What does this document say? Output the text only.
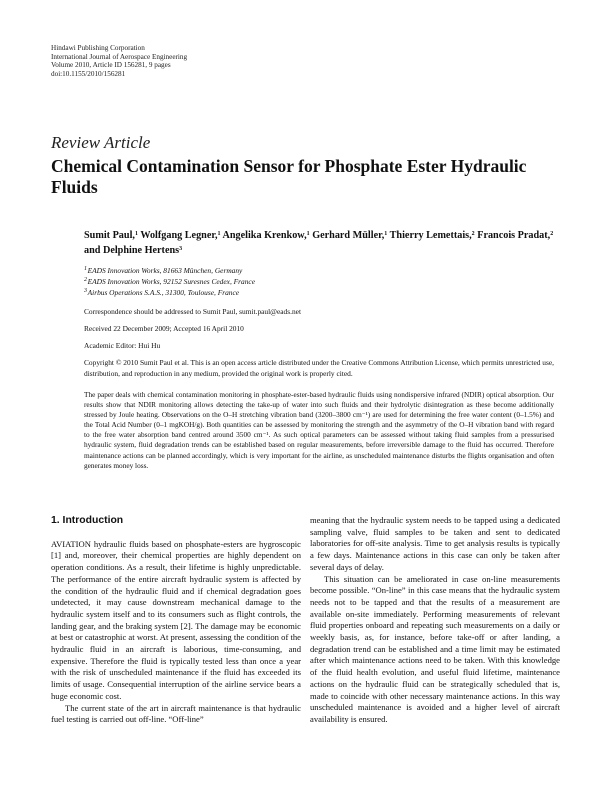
Hindawi Publishing Corporation
International Journal of Aerospace Engineering
Volume 2010, Article ID 156281, 9 pages
doi:10.1155/2010/156281
Review Article
Chemical Contamination Sensor for Phosphate Ester Hydraulic Fluids
Sumit Paul,$^1$ Wolfgang Legner,$^1$ Angelika Krenkow,$^1$ Gerhard Müller,$^1$ Thierry Lemettais,$^2$ Francois Pradat,$^2$ and Delphine Hertens$^3$
$^1$ EADS Innovation Works, 81663 München, Germany
$^2$ EADS Innovation Works, 92152 Suresnes Cedex, France
$^3$ Airbus Operations S.A.S., 31300, Toulouse, France
Correspondence should be addressed to Sumit Paul, sumit.paul@eads.net
Received 22 December 2009; Accepted 16 April 2010
Academic Editor: Hui Hu
Copyright © 2010 Sumit Paul et al. This is an open access article distributed under the Creative Commons Attribution License, which permits unrestricted use, distribution, and reproduction in any medium, provided the original work is properly cited.
The paper deals with chemical contamination monitoring in phosphate-ester-based hydraulic fluids using nondispersive infrared (NDIR) optical absorption. Our results show that NDIR monitoring allows detecting the take-up of water into such fluids and their hydrolytic disintegration as these become additionally stressed by Joule heating. Observations on the O–H stretching vibration band (3200–3800 cm⁻¹) are used for determining the free water content (0–1.5%) and the Total Acid Number (0–1 mgKOH/g). Both quantities can be assessed by monitoring the strength and the asymmetry of the O–H vibration band with regard to the free water absorption band centred around 3500 cm⁻¹. As such optical parameters can be assessed without taking fluid samples from a pressurised hydraulic system, fluid degradation trends can be established based on regular measurements, before irreversible damage to the fluid has occurred. Therefore maintenance actions can be planned accordingly, which is very important for the airline, as unscheduled maintenance disturbs the flights organisation and often generates money loss.
1. Introduction

AVIATION hydraulic fluids based on phosphate-esters are hygroscopic [1] and, moreover, their chemical properties are highly dependent on operation conditions. As a result, their lifetime is highly unpredictable. The performance of the entire aircraft hydraulic system is affected by the condition of the hydraulic fluid and if chemical degradation goes undetected, it may cause downstream mechanical damage to the hydraulic system itself and to its consumers such as flight controls, the landing gear, and the braking system [2]. The damage may be economic at best or catastrophic at worst. At present, assessing the condition of the hydraulic fluid in an aircraft is laborious, time-consuming, and expensive. Therefore the fluid is typically tested less than once a year with the risk of unscheduled maintenance if the fluid has exceeded its limits of usage. Consequential interruption of the airline service bears a huge economic cost.

The current state of the art in aircraft maintenance is that hydraulic fuel testing is carried out off-line. “Off-line”

meaning that the hydraulic system needs to be tapped using a dedicated sampling valve, fluid samples to be taken and sent to dedicated laboratories for off-site analysis. Time to get analysis results is typically a few days. Maintenance actions in this case can only be taken after several days of delay.

This situation can be ameliorated in case on-line measurements become possible. “On-line” in this case means that the hydraulic system needs not to be tapped and that the results of a measurement are available on-site immediately. Performing measurements of relevant fluid properties onboard and repeating such measurements on a daily or weekly basis, as, for instance, before take-off or after landing, a degradation trend can be established and a time limit may be estimated after which maintenance actions need to be taken. With this knowledge of the fluid health evolution, and useful fluid lifetime, maintenance actions on the hydraulic fluid can be strategically scheduled that is, made to coincide with other necessary maintenance actions. In this way unscheduled maintenance is avoided and a higher level of aircraft availability is ensured.
